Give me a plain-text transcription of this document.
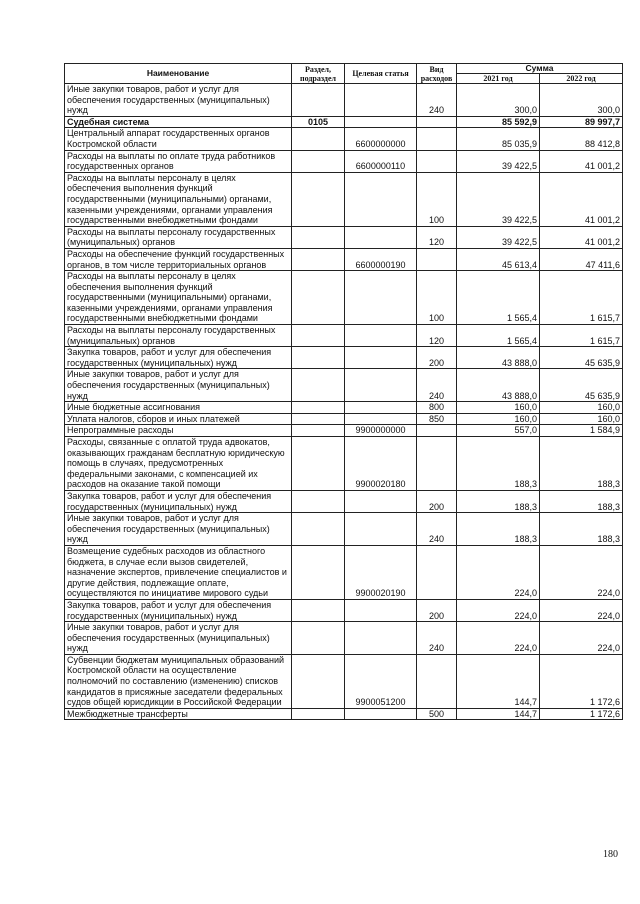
Наименование	Раздел, подраздел	Целевая статья	Вид расходов	Сумма	
				2021 год	2022 год
Иные закупки товаров, работ и услуг для обеспечения государственных (муниципальных) нужд			240	300,0	300,0
Судебная система	0105			85 592,9	89 997,7
Центральный аппарат государственных органов Костромской области		6600000000		85 035,9	88 412,8
Расходы на выплаты по оплате труда работников государственных органов		6600000110		39 422,5	41 001,2
Расходы на выплаты персоналу в целях обеспечения выполнения функций государственными (муниципальными) органами, казенными учреждениями, органами управления государственными внебюджетными фондами			100	39 422,5	41 001,2
Расходы на выплаты персоналу государственных (муниципальных) органов			120	39 422,5	41 001,2
Расходы на обеспечение функций государственных органов, в том числе территориальных органов		6600000190		45 613,4	47 411,6
Расходы на выплаты персоналу в целях обеспечения выполнения функций государственными (муниципальными) органами, казенными учреждениями, органами управления государственными внебюджетными фондами			100	1 565,4	1 615,7
Расходы на выплаты персоналу государственных (муниципальных) органов			120	1 565,4	1 615,7
Закупка товаров, работ и услуг для обеспечения государственных (муниципальных) нужд			200	43 888,0	45 635,9
Иные закупки товаров, работ и услуг для обеспечения государственных (муниципальных) нужд			240	43 888,0	45 635,9
Иные бюджетные ассигнования			800	160,0	160,0
Уплата налогов, сборов и иных платежей			850	160,0	160,0
Непрограммные расходы		9900000000		557,0	1 584,9
Расходы, связанные с оплатой труда адвокатов, оказывающих гражданам бесплатную юридическую помощь в случаях, предусмотренных федеральными законами, с компенсацией их расходов на оказание такой помощи		9900020180		188,3	188,3
Закупка товаров, работ и услуг для обеспечения государственных (муниципальных) нужд			200	188,3	188,3
Иные закупки товаров, работ и услуг для обеспечения государственных (муниципальных) нужд			240	188,3	188,3
Возмещение судебных расходов из областного бюджета, в случае если вызов свидетелей, назначение экспертов, привлечение специалистов и другие действия, подлежащие оплате, осуществляются по инициативе мирового судьи		9900020190		224,0	224,0
Закупка товаров, работ и услуг для обеспечения государственных (муниципальных) нужд			200	224,0	224,0
Иные закупки товаров, работ и услуг для обеспечения государственных (муниципальных) нужд			240	224,0	224,0
Субвенции бюджетам муниципальных образований Костромской области на осуществление полномочий по составлению (изменению) списков кандидатов в присяжные заседатели федеральных судов общей юрисдикции в Российской Федерации		9900051200		144,7	1 172,6
Межбюджетные трансферты			500	144,7	1 172,6
180
